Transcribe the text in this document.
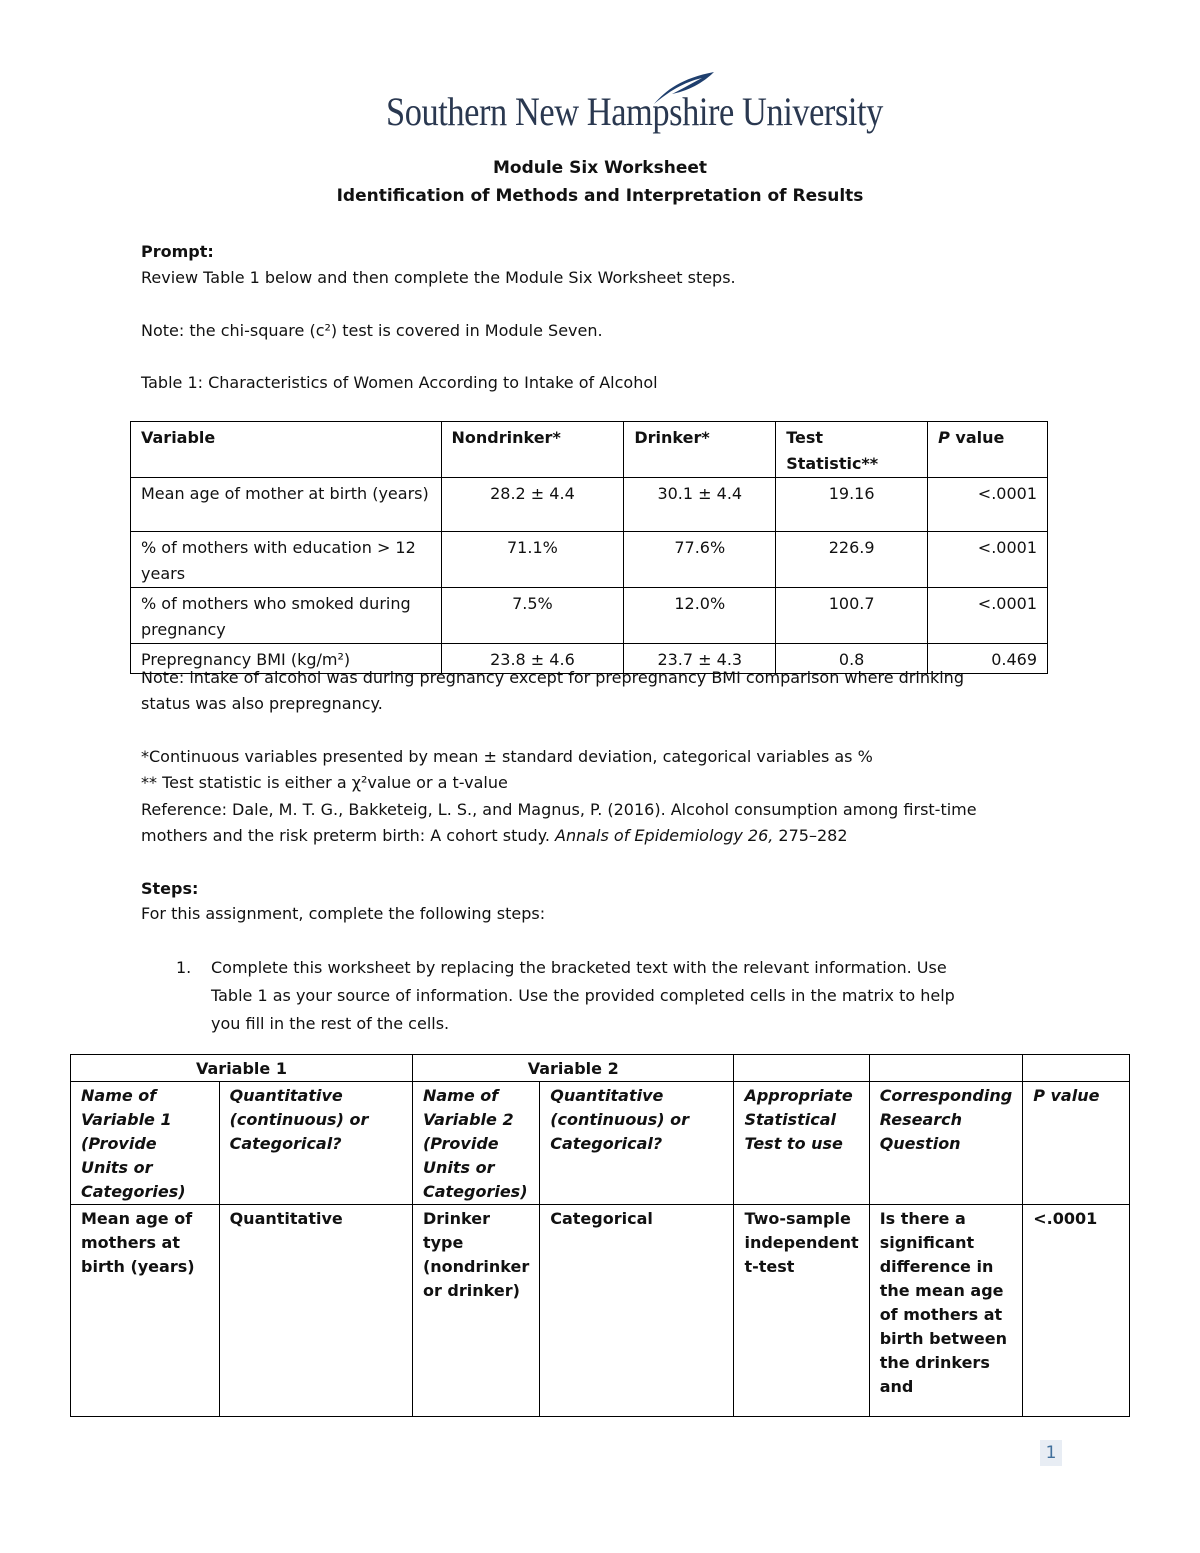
Southern New Hampshire University
Module Six Worksheet
Identification of Methods and Interpretation of Results
Prompt:
Review Table 1 below and then complete the Module Six Worksheet steps.
Note: the chi-square (c²) test is covered in Module Seven.
Table 1: Characteristics of Women According to Intake of Alcohol
Variable	Nondrinker*	Drinker*	Test Statistic**	P value
Mean age of mother at birth (years)	28.2 ± 4.4	30.1 ± 4.4	19.16	<.0001
% of mothers with education > 12 years	71.1%	77.6%	226.9	<.0001
% of mothers who smoked during pregnancy	7.5%	12.0%	100.7	<.0001
Prepregnancy BMI (kg/m²)	23.8 ± 4.6	23.7 ± 4.3	0.8	0.469
Note: intake of alcohol was during pregnancy except for prepregnancy BMI comparison where drinking
status was also prepregnancy.
*Continuous variables presented by mean ± standard deviation, categorical variables as %
** Test statistic is either a χ²value or a t-value
Reference: Dale, M. T. G., Bakketeig, L. S., and Magnus, P. (2016). Alcohol consumption among first-time
mothers and the risk preterm birth: A cohort study. Annals of Epidemiology 26, 275–282
Steps:
For this assignment, complete the following steps:
1. Complete this worksheet by replacing the bracketed text with the relevant information. Use
Table 1 as your source of information. Use the provided completed cells in the matrix to help
you fill in the rest of the cells.
Variable 1		Variable 2				
Name of Variable 1 (Provide Units or Categories)	Quantitative (continuous) or Categorical?	Name of Variable 2 (Provide Units or Categories)	Quantitative (continuous) or Categorical?	Appropriate Statistical Test to use	Corresponding Research Question	P value
Mean age of mothers at birth (years)	Quantitative	Drinker type (nondrinker or drinker)	Categorical	Two-sample independent t-test	Is there a significant difference in the mean age of mothers at birth between the drinkers and	<.0001
1
